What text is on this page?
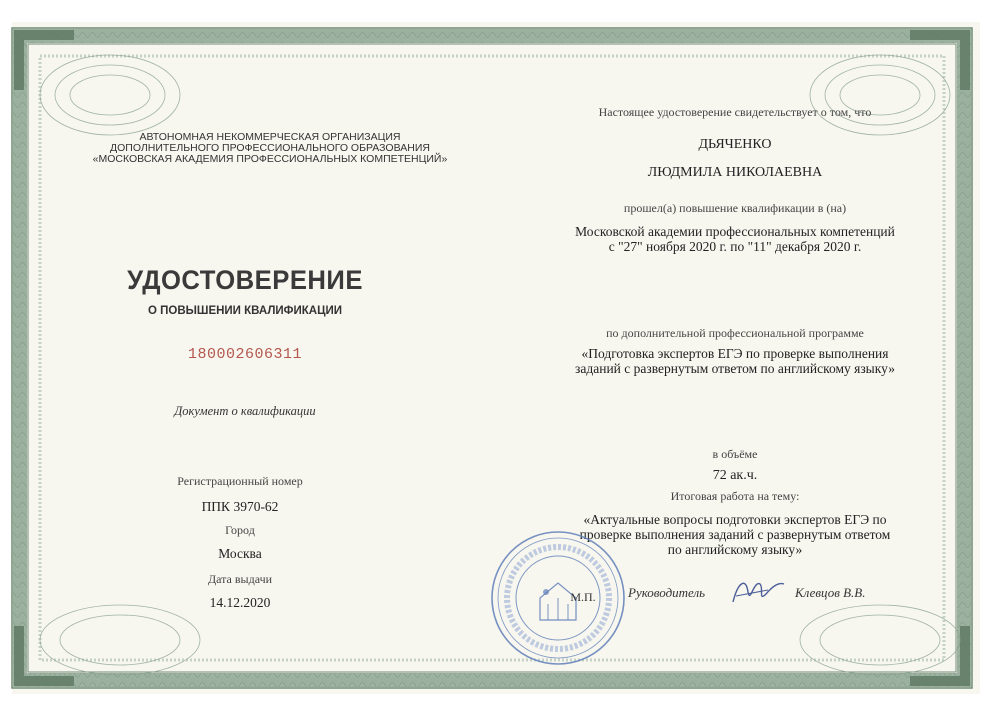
АВТОНОМНАЯ НЕКОММЕРЧЕСКАЯ ОРГАНИЗАЦИЯ
ДОПОЛНИТЕЛЬНОГО ПРОФЕССИОНАЛЬНОГО ОБРАЗОВАНИЯ
«МОСКОВСКАЯ АКАДЕМИЯ ПРОФЕССИОНАЛЬНЫХ КОМПЕТЕНЦИЙ»
УДОСТОВЕРЕНИЕ
О ПОВЫШЕНИИ КВАЛИФИКАЦИИ
180002606311
Документ о квалификации
Регистрационный номер
ППК 3970-62
Город
Москва
Дата выдачи
14.12.2020
Настоящее удостоверение свидетельствует о том, что
ДЬЯЧЕНКО
ЛЮДМИЛА НИКОЛАЕВНА
прошел(а) повышение квалификации в (на)
Московской академии профессиональных компетенций
с "27" ноября 2020 г. по "11" декабря 2020 г.
по дополнительной профессиональной программе
«Подготовка экспертов ЕГЭ по проверке выполнения
заданий с развернутым ответом по английскому языку»
в объёме
72 ак.ч.
Итоговая работа на тему:
«Актуальные вопросы подготовки экспертов ЕГЭ по
проверке выполнения заданий с развернутым ответом
по английскому языку»
М.П.	Руководитель	Клевцов В.В.
